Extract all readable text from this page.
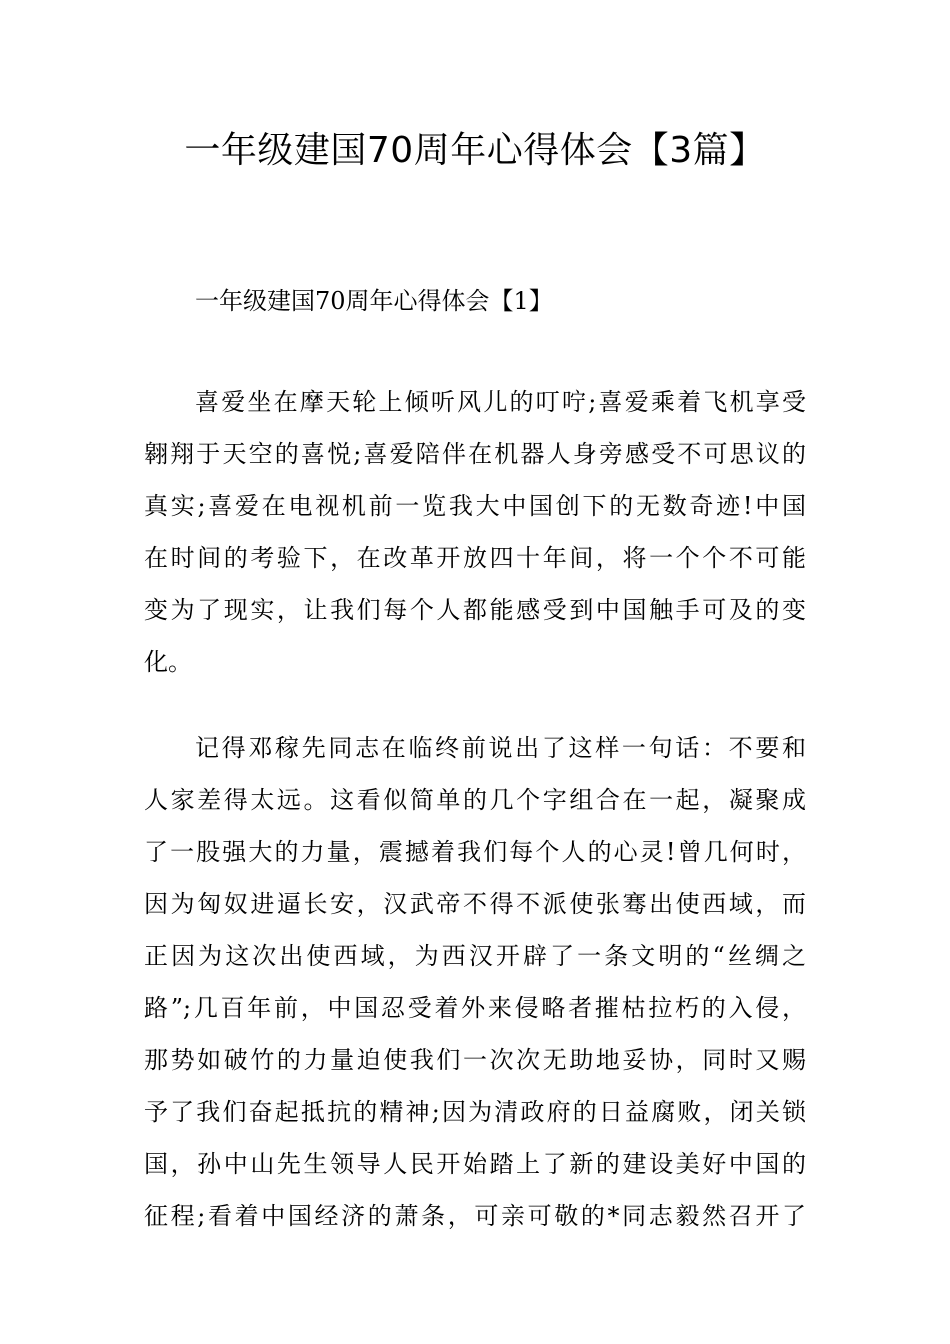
一年级建国70周年心得体会【3篇】
一年级建国70周年心得体会【1】
喜爱坐在摩天轮上倾听风儿的叮咛;喜爱乘着飞机享受
翱翔于天空的喜悦;喜爱陪伴在机器人身旁感受不可思议的
真实;喜爱在电视机前一览我大中国创下的无数奇迹!中国
在时间的考验下，在改革开放四十年间，将一个个不可能
变为了现实，让我们每个人都能感受到中国触手可及的变
化。
记得邓稼先同志在临终前说出了这样一句话：不要和
人家差得太远。这看似简单的几个字组合在一起，凝聚成
了一股强大的力量，震撼着我们每个人的心灵!曾几何时，
因为匈奴进逼长安，汉武帝不得不派使张骞出使西域，而
正因为这次出使西域，为西汉开辟了一条文明的“丝绸之
路”;几百年前，中国忍受着外来侵略者摧枯拉朽的入侵，
那势如破竹的力量迫使我们一次次无助地妥协，同时又赐
予了我们奋起抵抗的精神;因为清政府的日益腐败，闭关锁
国，孙中山先生领导人民开始踏上了新的建设美好中国的
征程;看着中国经济的萧条，可亲可敬的*同志毅然召开了
